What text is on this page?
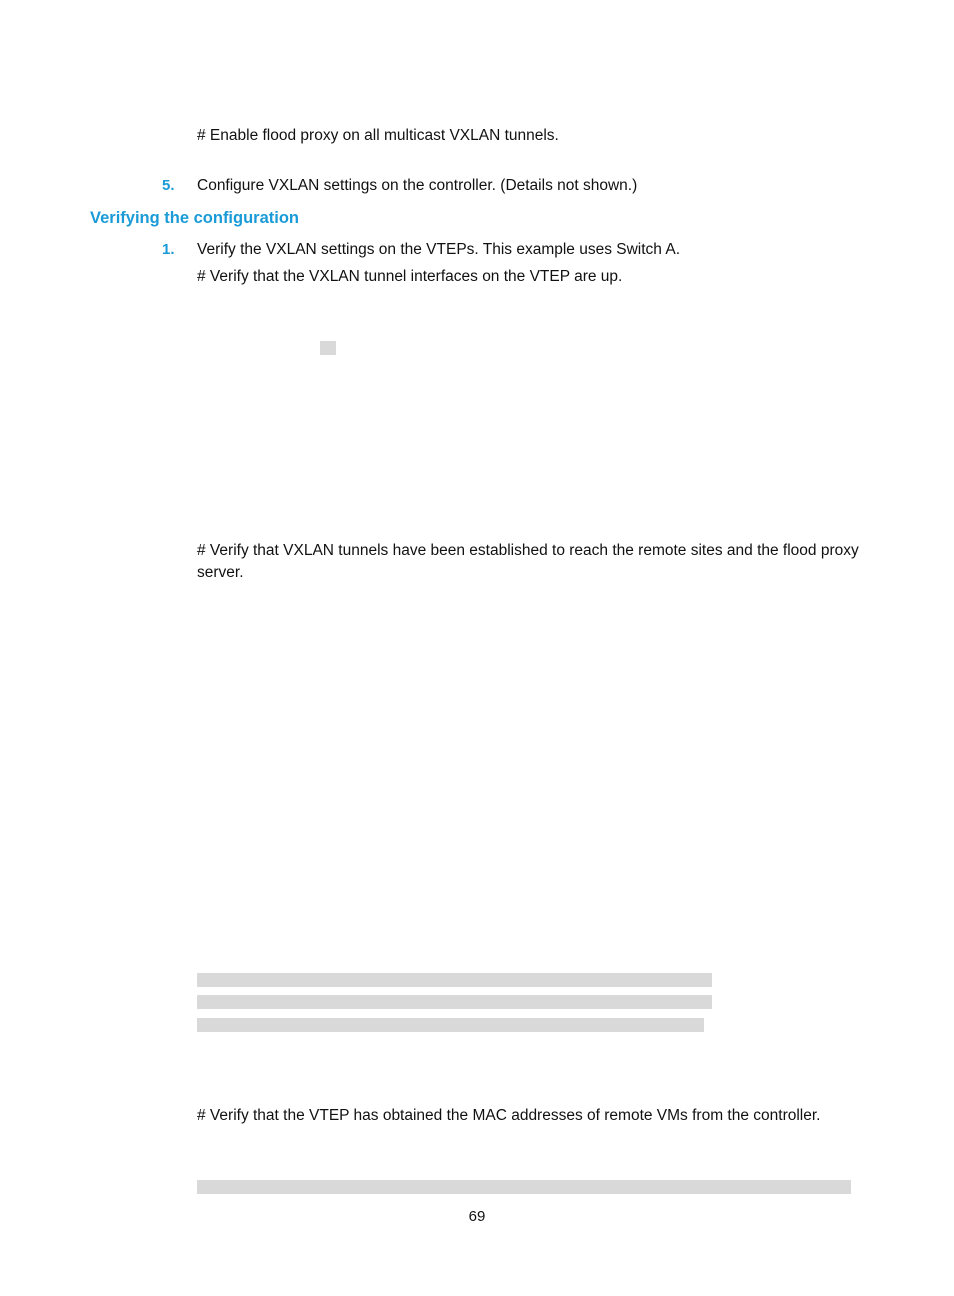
# Enable flood proxy on all multicast VXLAN tunnels.
5. Configure VXLAN settings on the controller. (Details not shown.)
Verifying the configuration
1. Verify the VXLAN settings on the VTEPs. This example uses Switch A.
# Verify that the VXLAN tunnel interfaces on the VTEP are up.
# Verify that VXLAN tunnels have been established to reach the remote sites and the flood proxy server.
# Verify that the VTEP has obtained the MAC addresses of remote VMs from the controller.
69
